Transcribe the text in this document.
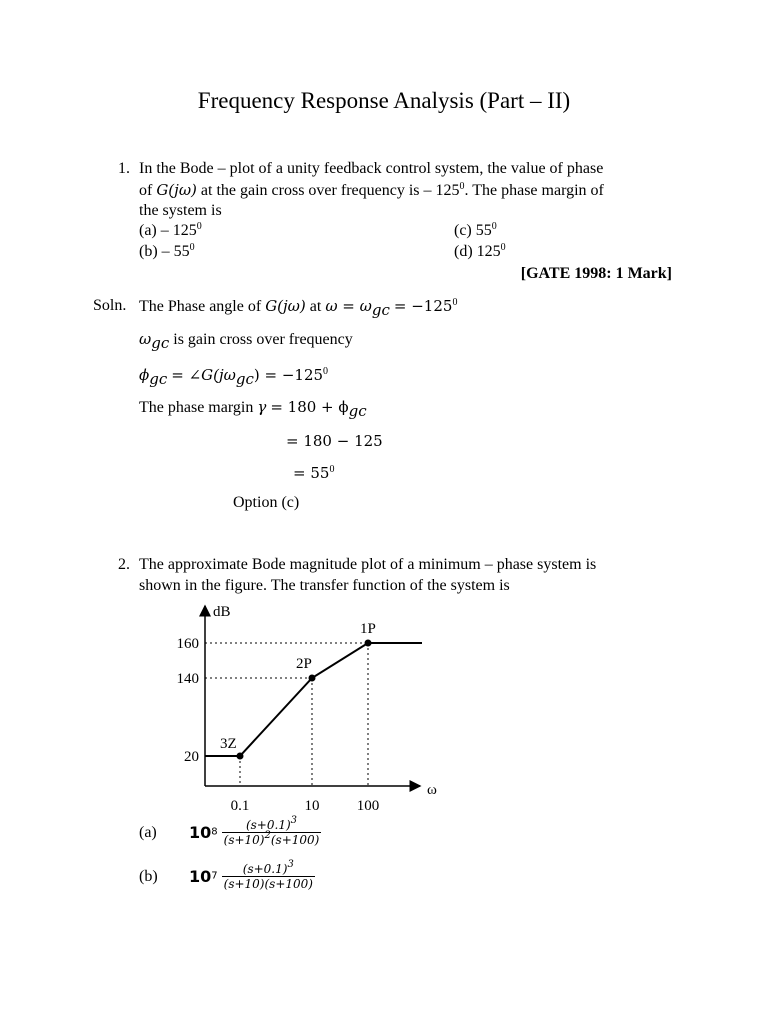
Frequency Response Analysis (Part – II)
1. In the Bode – plot of a unity feedback control system, the value of phase
of G(jω) at the gain cross over frequency is – $125^0$. The phase margin of
the system is
$(a) - 125^0$
$(b) - 55^0$
(c) $55^0$
(d) $125^0$
[GATE 1998: 1 Mark]
Soln. The Phase angle of G(jω) at $\omega = \omega_{gc} = -125^0$
$\omega_{gc}$ is gain cross over frequency
$\phi_{gc}$ = $\angle G(j\omega_{gc}) = -125^0$
The phase margin $\gamma = 180 + \phi_{gc}$
= 180 − 125
= $55^0$
Option (c)
2. The approximate Bode magnitude plot of a minimum – phase system is
shown in the figure. The transfer function of the system is
dB
ω
3Z
2P
1P
0.1	10 100
20
140
160
(a) $108 \frac{(s+0.1)^3}{(s+10)^2(s+100)}$
(b) $107 \frac{(s+0.1)^3}{(s+10)(s+100)}$
